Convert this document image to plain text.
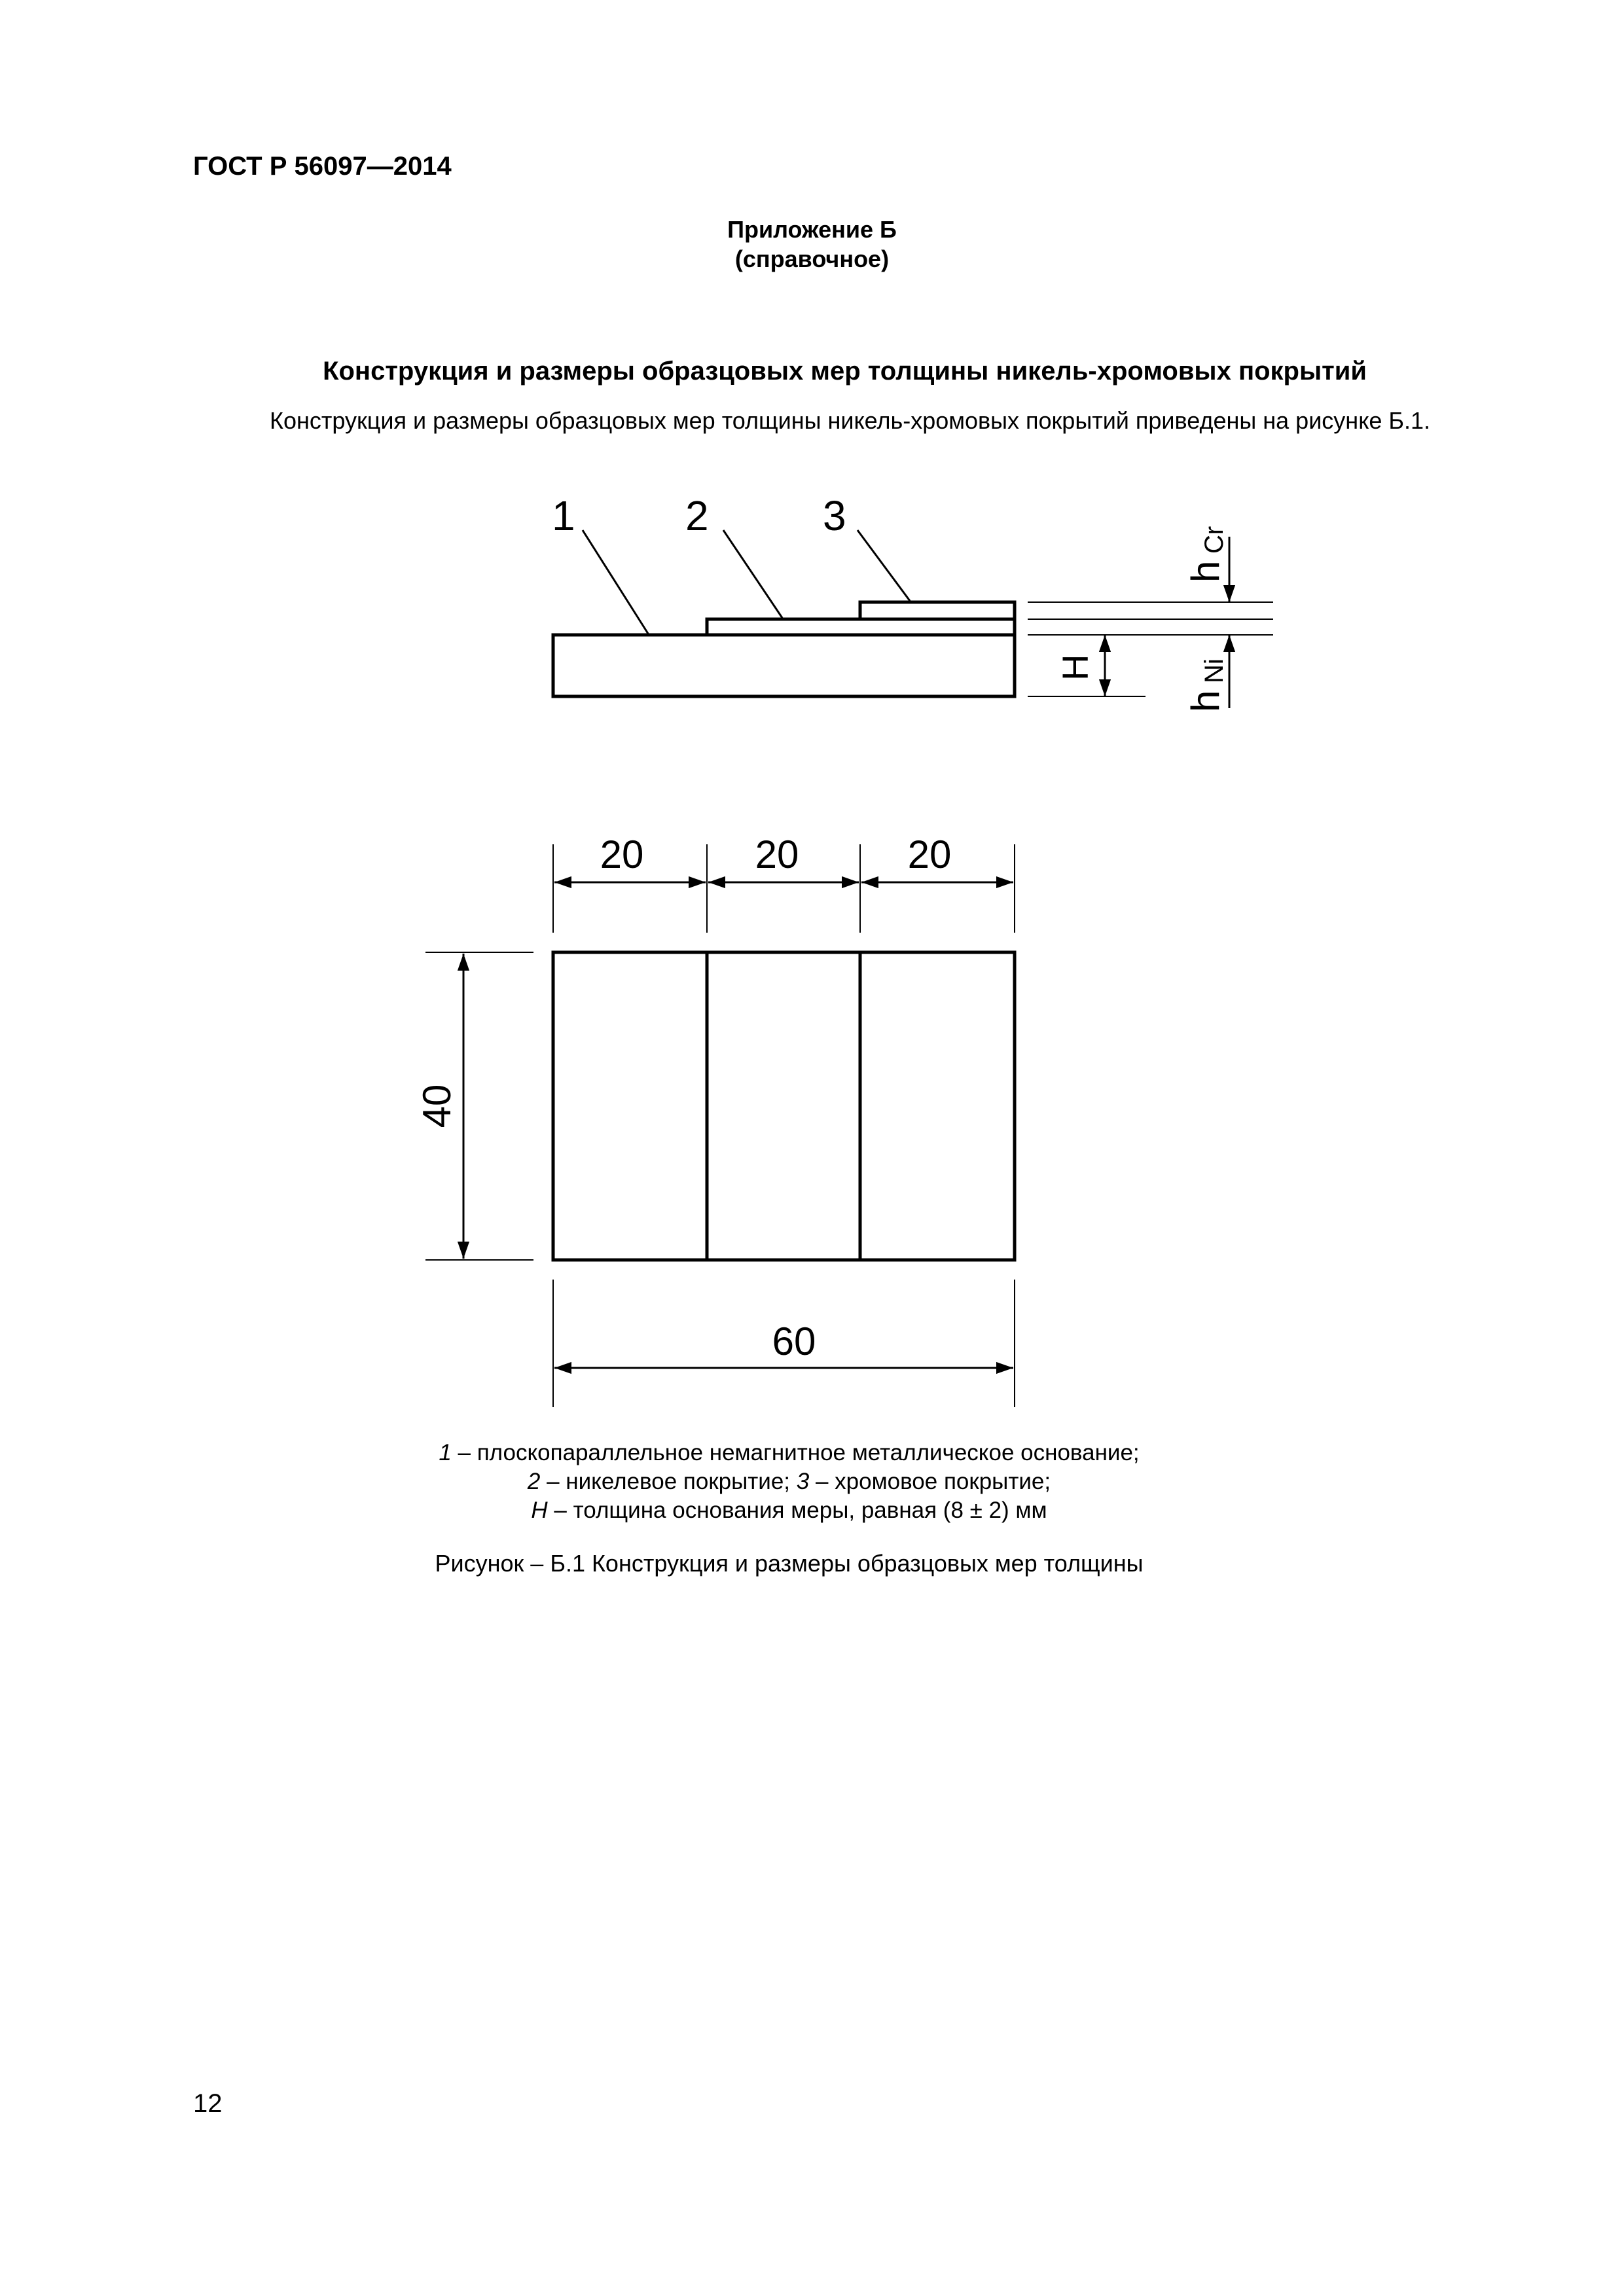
ГОСТ Р 56097—2014
Приложение Б
(справочное)
Конструкция и размеры образцовых мер толщины никель-хромовых покрытий
Конструкция и размеры образцовых мер толщины никель-хромовых покрытий приведены на рисунке Б.1.
1	2	3
H
h
Cr
h
Ni
20	20	20
40
60
1 – плоскопараллельное немагнитное металлическое основание;
2 – никелевое покрытие; 3 – хромовое покрытие;
H – толщина основания меры, равная (8 ± 2) мм
Рисунок – Б.1 Конструкция и размеры образцовых мер толщины
12
